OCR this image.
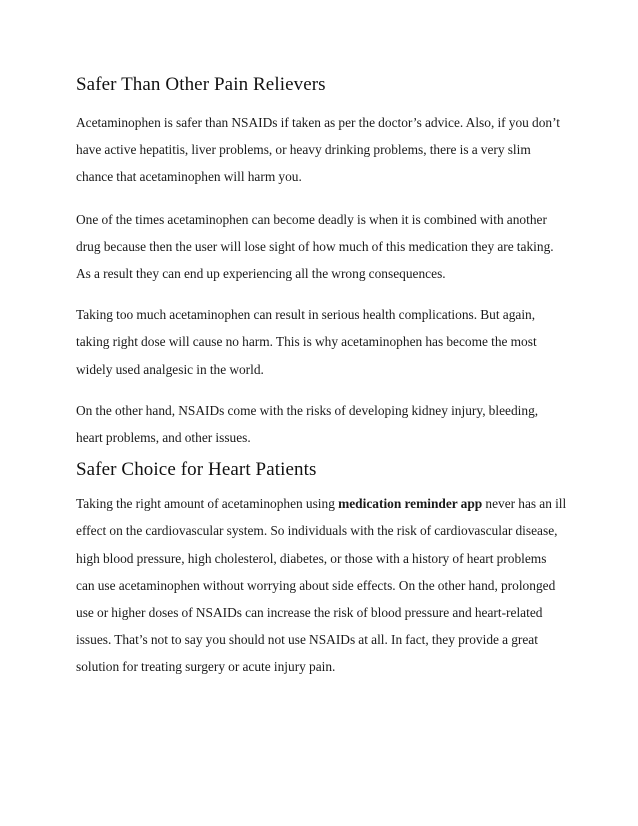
Safer Than Other Pain Relievers

Acetaminophen is safer than NSAIDs if taken as per the doctor’s advice. Also, if you don’t have active hepatitis, liver problems, or heavy drinking problems, there is a very slim chance that acetaminophen will harm you.

One of the times acetaminophen can become deadly is when it is combined with another drug because then the user will lose sight of how much of this medication they are taking. As a result they can end up experiencing all the wrong consequences.

Taking too much acetaminophen can result in serious health complications. But again, taking right dose will cause no harm. This is why acetaminophen has become the most widely used analgesic in the world.

On the other hand, NSAIDs come with the risks of developing kidney injury, bleeding, heart problems, and other issues.

Safer Choice for Heart Patients

Taking the right amount of acetaminophen using medication reminder app never has an ill effect on the cardiovascular system. So individuals with the risk of cardiovascular disease, high blood pressure, high cholesterol, diabetes, or those with a history of heart problems can use acetaminophen without worrying about side effects. On the other hand, prolonged use or higher doses of NSAIDs can increase the risk of blood pressure and heart-related issues. That’s not to say you should not use NSAIDs at all. In fact, they provide a great solution for treating surgery or acute injury pain.
